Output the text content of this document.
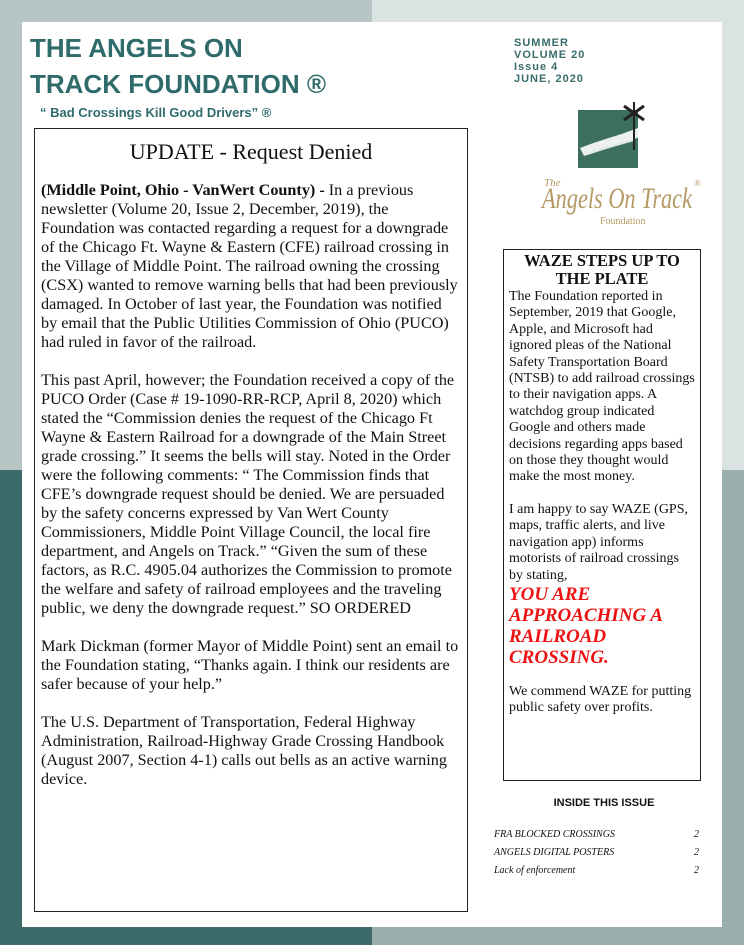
THE ANGELS ON
TRACK FOUNDATION ®
“ Bad Crossings Kill Good Drivers” ®
SUMMER
VOLUME 20
Issue 4
JUNE, 2020
The
Angels On Track ®
Foundation
UPDATE - Request Denied

(Middle Point, Ohio - VanWert County) - In a previous newsletter (Volume 20, Issue 2, December, 2019), the Foundation was contacted regarding a request for a downgrade of the Chicago Ft. Wayne & Eastern (CFE) railroad crossing in the Village of Middle Point. The railroad owning the crossing (CSX) wanted to remove warning bells that had been previously damaged. In October of last year, the Foundation was notified by email that the Public Utilities Commission of Ohio (PUCO) had ruled in favor of the railroad.

This past April, however; the Foundation received a copy of the PUCO Order (Case # 19-1090-RR-RCP, April 8, 2020) which stated the “Commission denies the request of the Chicago Ft Wayne & Eastern Railroad for a downgrade of the Main Street grade crossing.” It seems the bells will stay. Noted in the Order were the following comments: “ The Commission finds that CFE’s downgrade request should be denied. We are persuaded by the safety concerns expressed by Van Wert County Commissioners, Middle Point Village Council, the local fire department, and Angels on Track.” “Given the sum of these factors, as R.C. 4905.04 authorizes the Commission to promote the welfare and safety of railroad employees and the traveling public, we deny the downgrade request.” SO ORDERED

Mark Dickman (former Mayor of Middle Point) sent an email to the Foundation stating, “Thanks again. I think our residents are safer because of your help.”

The U.S. Department of Transportation, Federal Highway Administration, Railroad-Highway Grade Crossing Handbook (August 2007, Section 4-1) calls out bells as an active warning device.

WAZE STEPS UP TO THE PLATE

The Foundation reported in September, 2019 that Google, Apple, and Microsoft had ignored pleas of the National Safety Transportation Board (NTSB) to add railroad crossings to their navigation apps. A watchdog group indicated Google and others made decisions regarding apps based on those they thought would make the most money.

I am happy to say WAZE (GPS, maps, traffic alerts, and live navigation app) informs motorists of railroad crossings by stating,
YOU ARE APPROACHING A RAILROAD CROSSING.

We commend WAZE for putting public safety over profits.

INSIDE THIS ISSUE
FRA BLOCKED CROSSINGS	2
ANGELS DIGITAL POSTERS	2
Lack of enforcement	2
